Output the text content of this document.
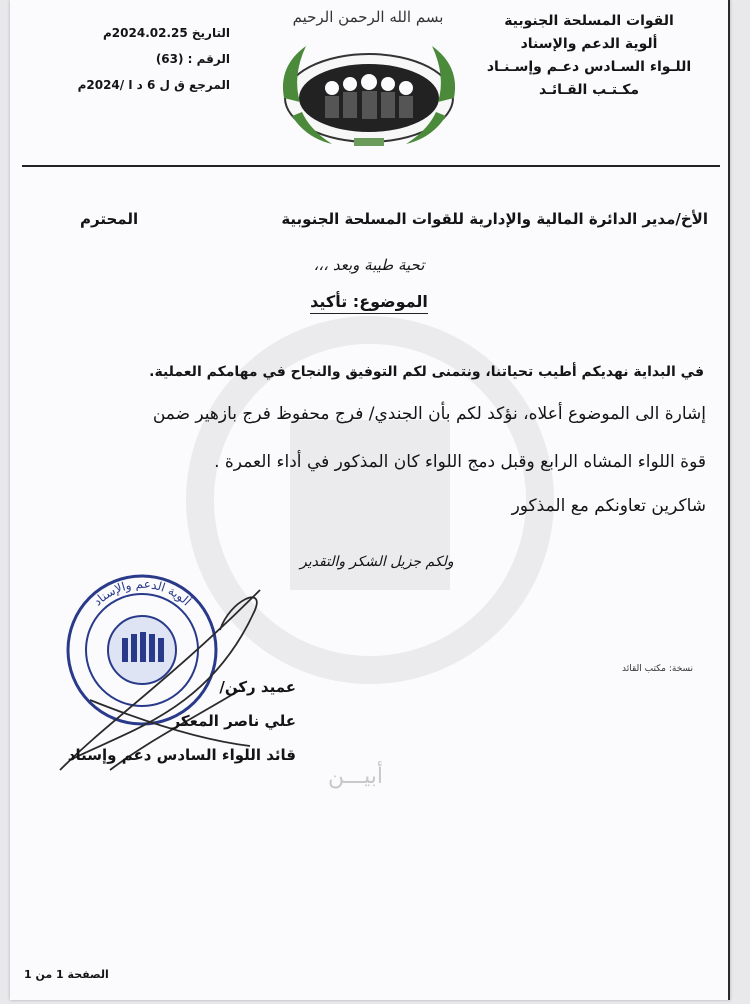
القوات المسلحة الجنوبية
ألوية الدعم والإسناد
اللـواء السـادس دعـم وإسـنـاد
مكـتـب القـائـد
بسم الله الرحمن الرحيم
التاريخ 2024.02.25م
الرقم : (63)
المرجع ق ل 6 د ا /2024م
الأخ/مدير الدائرة المالية والإدارية للقوات المسلحة الجنوبية
المحترم
تحية طيبة وبعد ،،،
الموضوع: تأكيد
في البداية نهديكم أطيب تحياتنا، ونتمنى لكم التوفيق والنجاح في مهامكم العملية.
إشارة الى الموضوع أعلاه، نؤكد لكم بأن الجندي/ فرج محفوظ فرج بازهير ضمن
قوة اللواء المشاه الرابع وقبل دمج اللواء كان المذكور في أداء العمرة .
شاكرين تعاونكم مع المذكور
ولكم جزيل الشكر والتقدير
نسخة: مكتب القائد
ألوية الدعم والإسناد
عميد ركن/
علي ناصر المعكر
قائد اللواء السادس دعم وإسناد
أبيـــن
الصفحة 1 من 1
